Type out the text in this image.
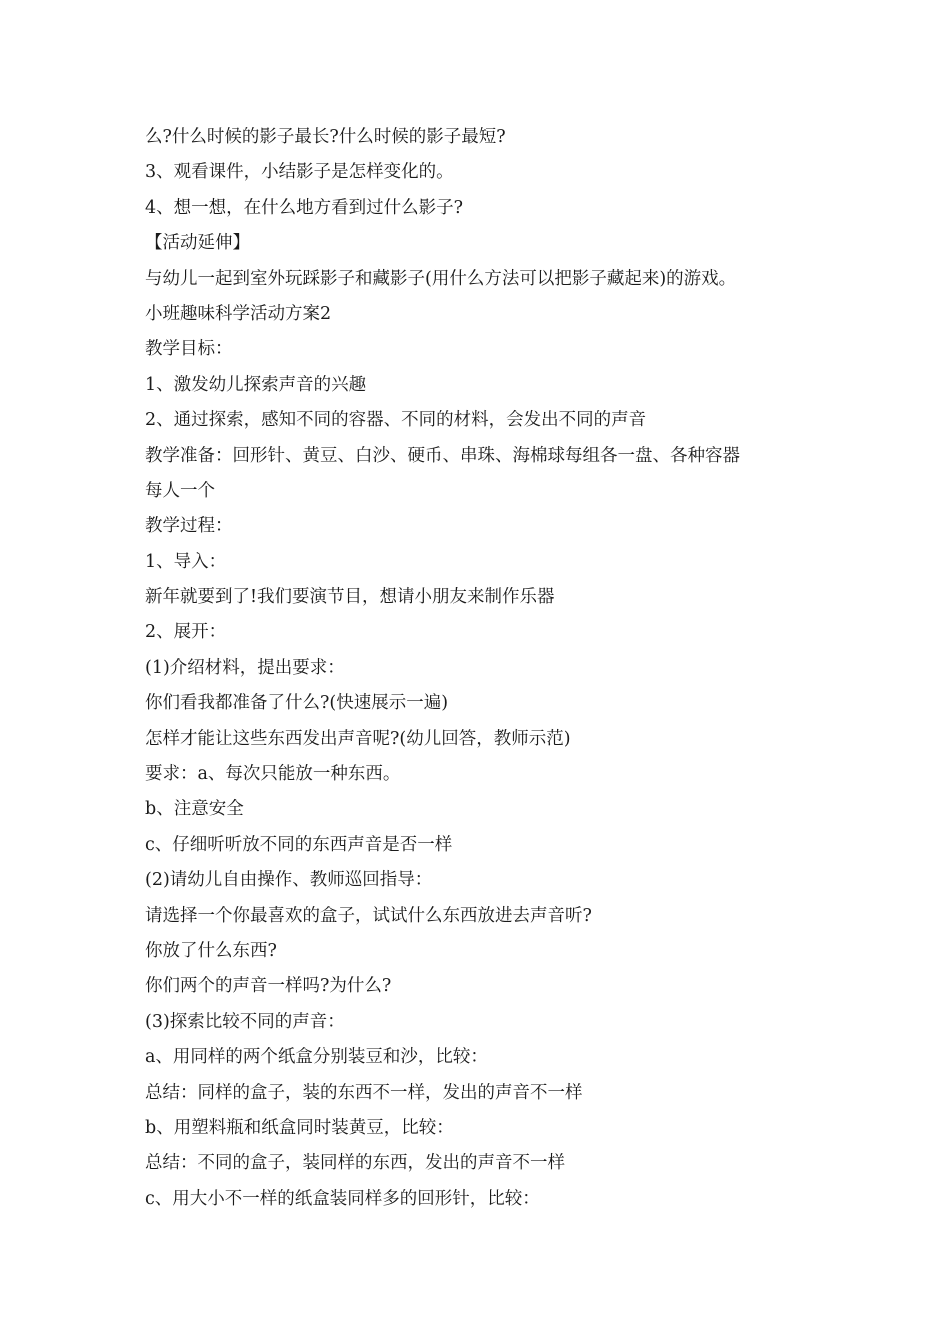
么?什么时候的影子最长?什么时候的影子最短?
3、观看课件，小结影子是怎样变化的。
4、想一想，在什么地方看到过什么影子?
【活动延伸】
与幼儿一起到室外玩踩影子和藏影子(用什么方法可以把影子藏起来)的游戏。
小班趣味科学活动方案2
教学目标：
1、激发幼儿探索声音的兴趣
2、通过探索，感知不同的容器、不同的材料，会发出不同的声音
教学准备：回形针、黄豆、白沙、硬币、串珠、海棉球每组各一盘、各种容器
每人一个
教学过程：
1、导入：
新年就要到了!我们要演节目，想请小朋友来制作乐器
2、展开：
(1)介绍材料，提出要求：
你们看我都准备了什么?(快速展示一遍)
怎样才能让这些东西发出声音呢?(幼儿回答，教师示范)
要求：a、每次只能放一种东西。
b、注意安全
c、仔细听听放不同的东西声音是否一样
(2)请幼儿自由操作、教师巡回指导：
请选择一个你最喜欢的盒子，试试什么东西放进去声音听?
你放了什么东西?
你们两个的声音一样吗?为什么?
(3)探索比较不同的声音：
a、用同样的两个纸盒分别装豆和沙，比较：
总结：同样的盒子，装的东西不一样，发出的声音不一样
b、用塑料瓶和纸盒同时装黄豆，比较：
总结：不同的盒子，装同样的东西，发出的声音不一样
c、用大小不一样的纸盒装同样多的回形针，比较：
